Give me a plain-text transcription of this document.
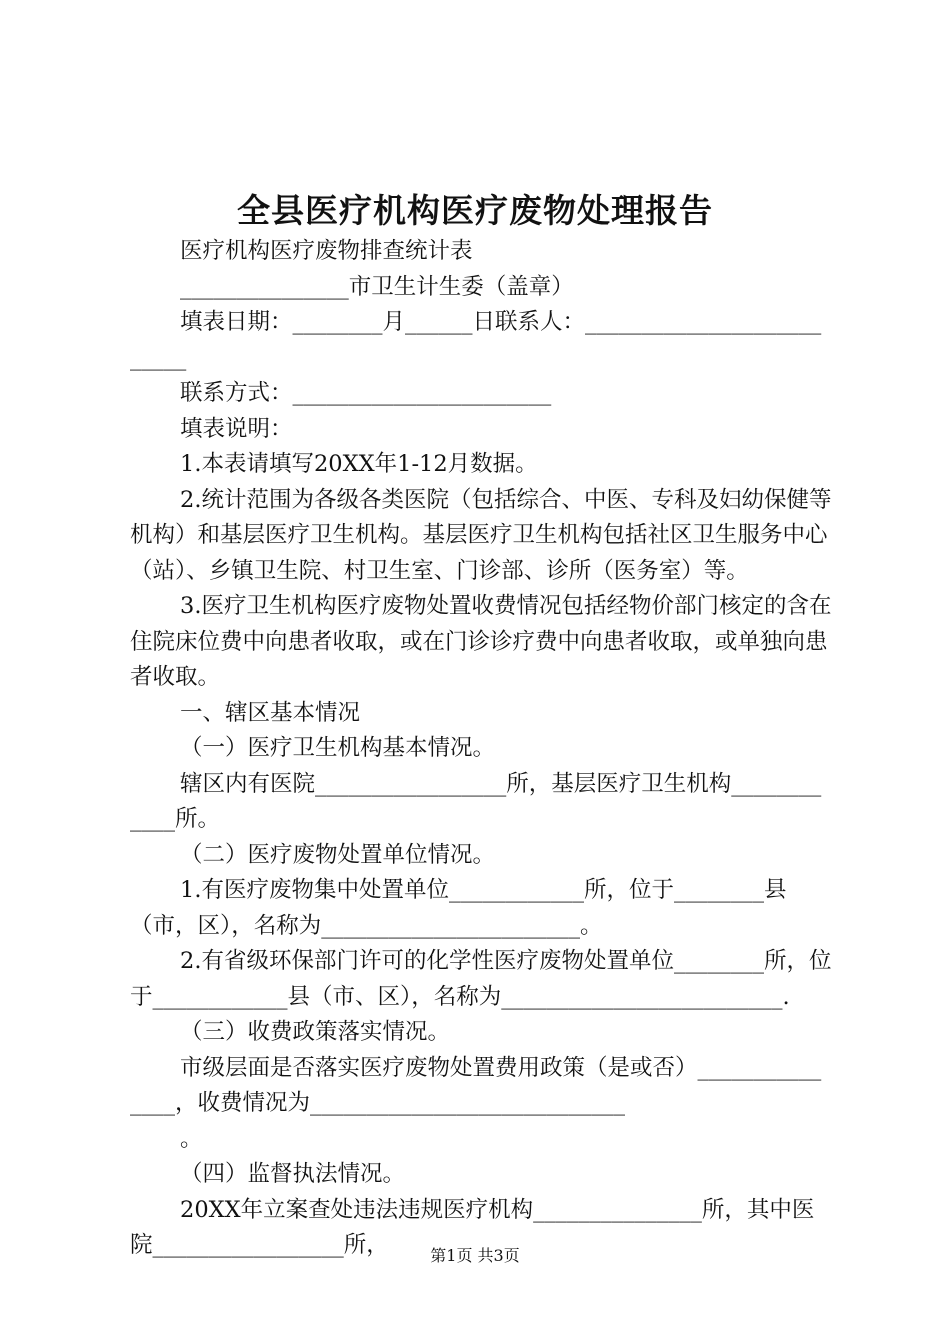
全县医疗机构医疗废物处理报告

医疗机构医疗废物排查统计表

_______________市卫生计生委（盖章）

填表日期：________月______日联系人：__________________________

联系方式：_______________________

填表说明：

1.本表请填写20XX年1-12月数据。

2.统计范围为各级各类医院（包括综合、中医、专科及妇幼保健等机构）和基层医疗卫生机构。基层医疗卫生机构包括社区卫生服务中心（站）、乡镇卫生院、村卫生室、门诊部、诊所（医务室）等。

3.医疗卫生机构医疗废物处置收费情况包括经物价部门核定的含在住院床位费中向患者收取，或在门诊诊疗费中向患者收取，或单独向患者收取。

一、辖区基本情况

（一）医疗卫生机构基本情况。

辖区内有医院_________________所，基层医疗卫生机构____________所。

（二）医疗废物处置单位情况。

1.有医疗废物集中处置单位____________所，位于________县（市，区），名称为_______________________。

2.有省级环保部门许可的化学性医疗废物处置单位________所，位于____________县（市、区），名称为_________________________.

（三）收费政策落实情况。

市级层面是否落实医疗废物处置费用政策（是或否）_______________，收费情况为____________________________

。

（四）监督执法情况。

20XX年立案查处违法违规医疗机构_______________所，其中医院_________________所，	第1页 共3页
